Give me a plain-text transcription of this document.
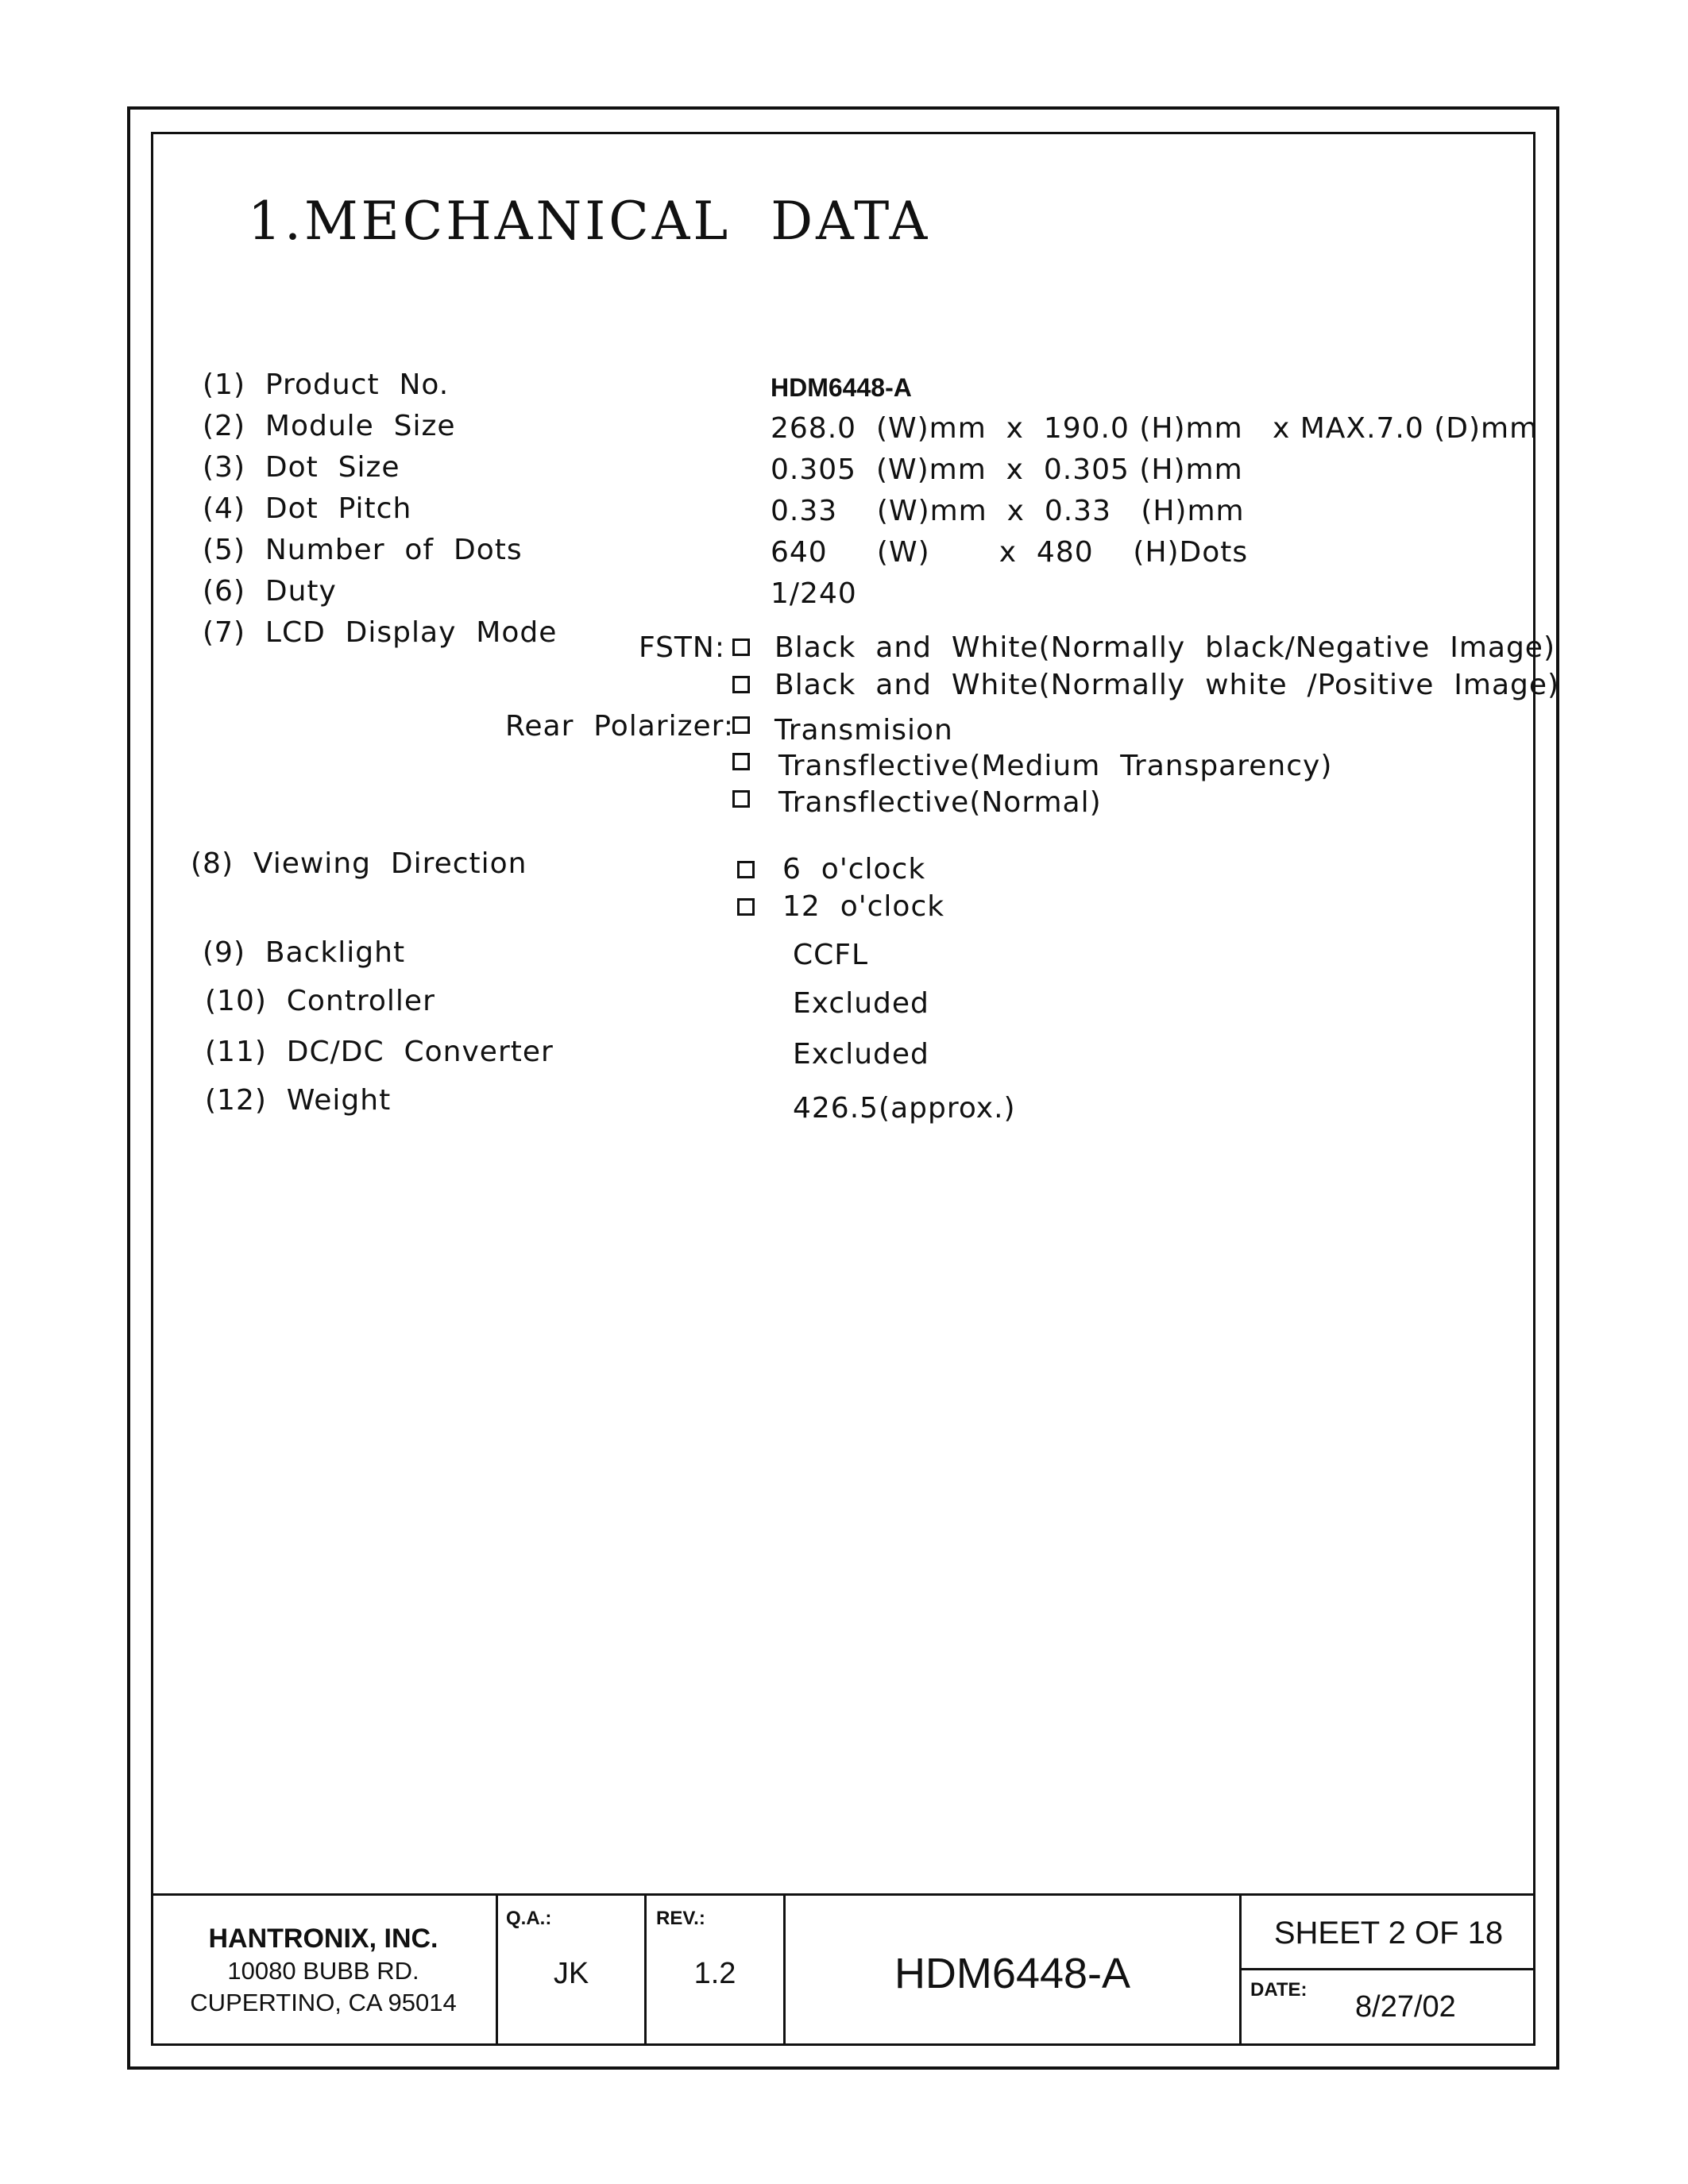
1.MECHANICAL  DATA
(1)  Product  No.
(2)  Module  Size
(3)  Dot  Size
(4)  Dot  Pitch
(5)  Number  of  Dots
(6)  Duty
(7)  LCD  Display  Mode
(8)  Viewing  Direction
(9)  Backlight
(10)  Controller
(11)  DC/DC  Converter
(12)  Weight
HDM6448-A
268.0  (W)mm  x  190.0 (H)mm   x MAX.7.0 (D)mm
0.305  (W)mm  x  0.305 (H)mm
0.33    (W)mm  x  0.33   (H)mm
640     (W)       x  480    (H)Dots
1/240
FSTN: Black  and  White(Normally  black/Negative  Image)
Black  and  White(Normally  white  /Positive  Image)
Rear  Polarizer: Transmision
Transflective(Medium  Transparency)
Transflective(Normal)
6  o'clock
12  o'clock
CCFL
Excluded
Excluded
426.5(approx.)
HANTRONIX, INC.
10080 BUBB RD.
CUPERTINO, CA 95014
Q.A.:
JK
REV.:
1.2	HDM6448-A
SHEET 2 OF 18
DATE:
8/27/02
